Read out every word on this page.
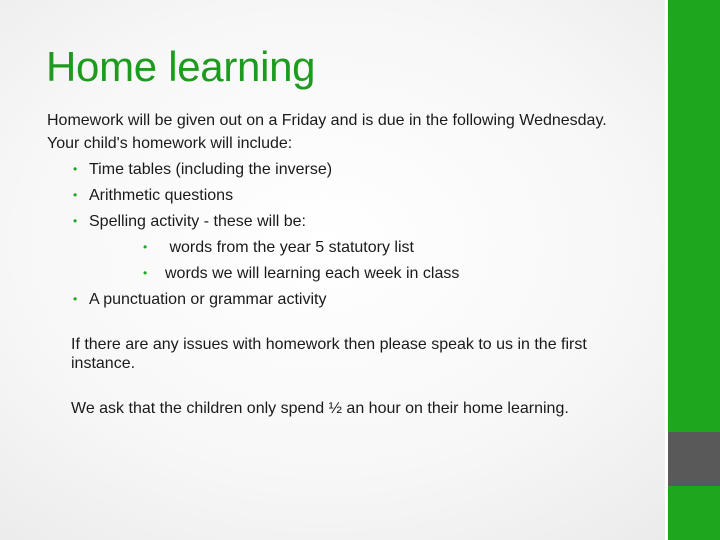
Home learning

Homework will be given out on a Friday and is due in the following Wednesday.

Your child's homework will include:

• Time tables (including the inverse)
• Arithmetic questions
• Spelling activity - these will be:
• words from the year 5 statutory list
• words we will learning each week in class
• A punctuation or grammar activity

If there are any issues with homework then please speak to us in the first instance.

We ask that the children only spend ½ an hour on their home learning.
